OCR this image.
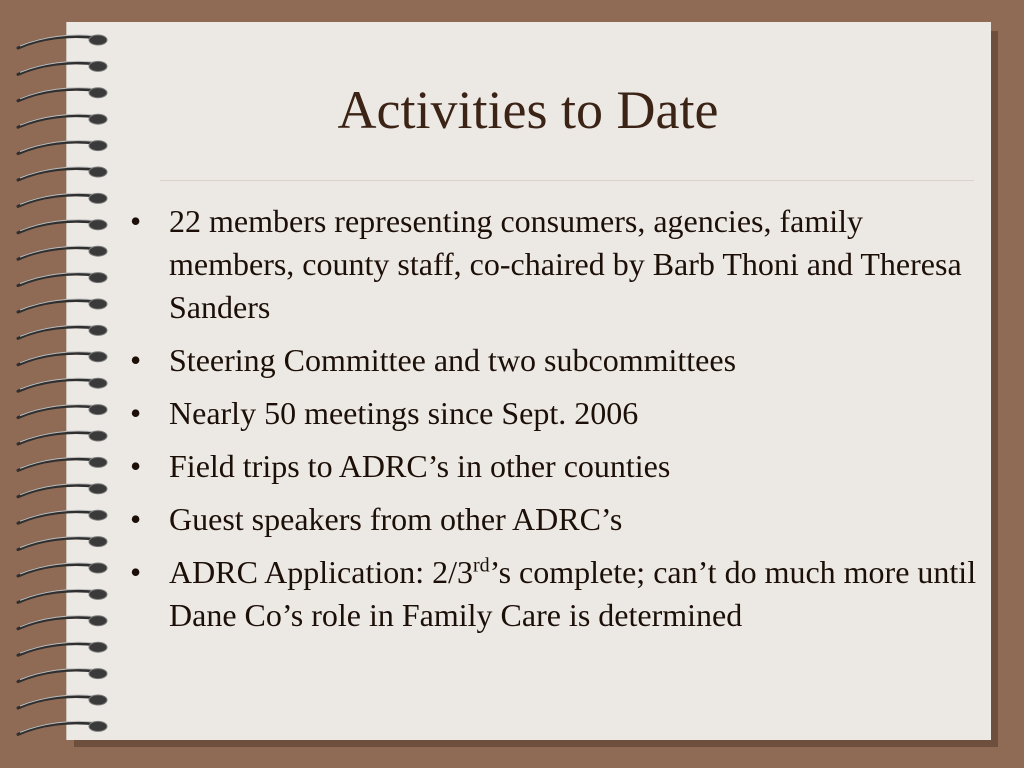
Activities to Date
• 22 members representing consumers, agencies, family members, county staff, co-chaired by Barb Thoni and Theresa Sanders
• Steering Committee and two subcommittees
• Nearly 50 meetings since Sept. 2006
• Field trips to ADRC’s in other counties
• Guest speakers from other ADRC’s
• ADRC Application: 2/3rd’s complete; can’t do much more until Dane Co’s role in Family Care is determined
